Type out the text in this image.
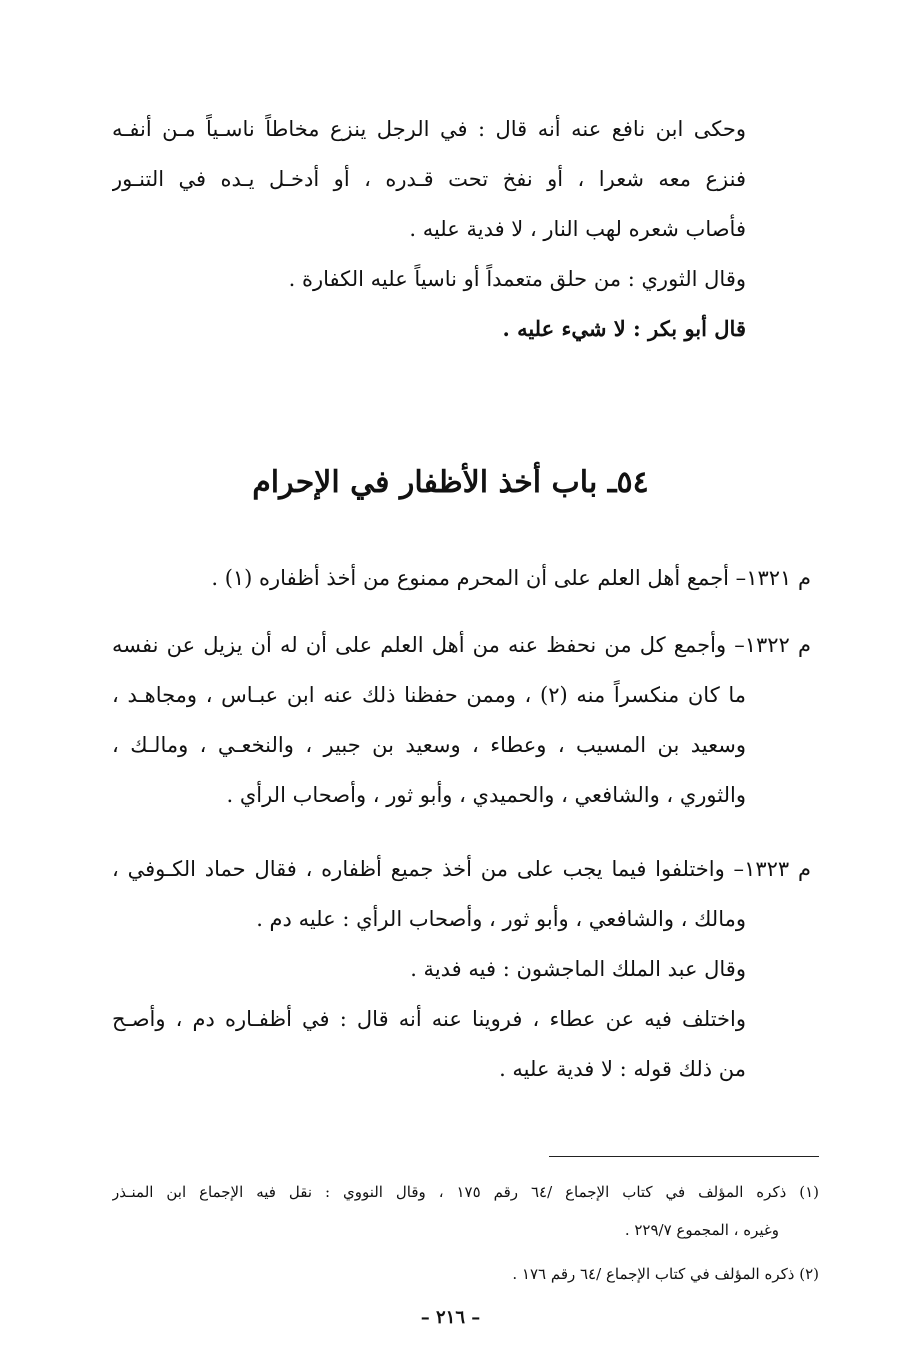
وحكى ابن نافع عنه أنه قال : في الرجل ينزع مخاطاً ناسـياً مـن أنفـه
فنزع معه شعرا ، أو نفخ تحت قـدره ، أو أدخـل يـده في التنـور
فأصاب شعره لهب النار ، لا فدية عليه .
وقال الثوري : من حلق متعمداً أو ناسياً عليه الكفارة .
قال أبو بكر : لا شيء عليه .
٥٤ـ باب أخذ الأظفار في الإحرام
م ١٣٢١– أجمع أهل العلم على أن المحرم ممنوع من أخذ أظفاره (١) .
م ١٣٢٢– وأجمع كل من نحفظ عنه من أهل العلم على أن له أن يزيل عن نفسه
ما كان منكسراً منه (٢) ، وممن حفظنا ذلك عنه ابن عبـاس ، ومجاهـد ،
وسعيد بن المسيب ، وعطاء ، وسعيد بن جبير ، والنخعـي ، ومالـك ،
والثوري ، والشافعي ، والحميدي ، وأبو ثور ، وأصحاب الرأي .
م ١٣٢٣– واختلفوا فيما يجب على من أخذ جميع أظفاره ، فقال حماد الكـوفي ،
ومالك ، والشافعي ، وأبو ثور ، وأصحاب الرأي : عليه دم .
وقال عبد الملك الماجشون : فيه فدية .
واختلف فيه عن عطاء ، فروينا عنه أنه قال : في أظفـاره دم ، وأصـح
من ذلك قوله : لا فدية عليه .
(١) ذكره المؤلف في كتاب الإجماع /٦٤ رقم ١٧٥ ، وقال النووي : نقل فيه الإجماع ابن المنـذر
وغيره ، المجموع ٢٢٩/٧ .
(٢) ذكره المؤلف في كتاب الإجماع /٦٤ رقم ١٧٦ .
– ٢١٦ –
